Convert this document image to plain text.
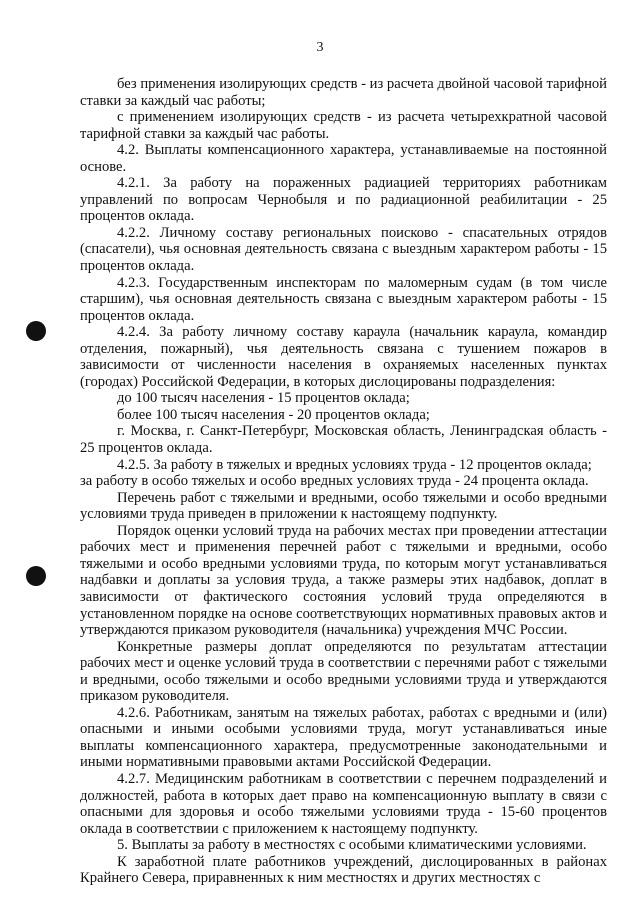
3

без применения изолирующих средств - из расчета двойной часовой тарифной ставки за каждый час работы;

с применением изолирующих средств - из расчета четырехкратной часовой тарифной ставки за каждый час работы.

4.2. Выплаты компенсационного характера, устанавливаемые на постоянной основе.

4.2.1. За работу на пораженных радиацией территориях работникам управлений по вопросам Чернобыля и по радиационной реабилитации - 25 процентов оклада.

4.2.2. Личному составу региональных поисково - спасательных отрядов (спасатели), чья основная деятельность связана с выездным характером работы - 15 процентов оклада.

4.2.3. Государственным инспекторам по маломерным судам (в том числе старшим), чья основная деятельность связана с выездным характером работы - 15 процентов оклада.

4.2.4. За работу личному составу караула (начальник караула, командир отделения, пожарный), чья деятельность связана с тушением пожаров в зависимости от численности населения в охраняемых населенных пунктах (городах) Российской Федерации, в которых дислоцированы подразделения:

до 100 тысяч населения - 15 процентов оклада;

более 100 тысяч населения - 20 процентов оклада;

г. Москва, г. Санкт-Петербург, Московская область, Ленинградская область - 25 процентов оклада.

4.2.5. За работу в тяжелых и вредных условиях труда - 12 процентов оклада;

за работу в особо тяжелых и особо вредных условиях труда - 24 процента оклада.

Перечень работ с тяжелыми и вредными, особо тяжелыми и особо вредными условиями труда приведен в приложении к настоящему подпункту.

Порядок оценки условий труда на рабочих местах при проведении аттестации рабочих мест и применения перечней работ с тяжелыми и вредными, особо тяжелыми и особо вредными условиями труда, по которым могут устанавливаться надбавки и доплаты за условия труда, а также размеры этих надбавок, доплат в зависимости от фактического состояния условий труда определяются в установленном порядке на основе соответствующих нормативных правовых актов и утверждаются приказом руководителя (начальника) учреждения МЧС России.

Конкретные размеры доплат определяются по результатам аттестации рабочих мест и оценке условий труда в соответствии с перечнями работ с тяжелыми и вредными, особо тяжелыми и особо вредными условиями труда и утверждаются приказом руководителя.

4.2.6. Работникам, занятым на тяжелых работах, работах с вредными и (или) опасными и иными особыми условиями труда, могут устанавливаться иные выплаты компенсационного характера, предусмотренные законодательными и иными нормативными правовыми актами Российской Федерации.

4.2.7. Медицинским работникам в соответствии с перечнем подразделений и должностей, работа в которых дает право на компенсационную выплату в связи с опасными для здоровья и особо тяжелыми условиями труда - 15-60 процентов оклада в соответствии с приложением к настоящему подпункту.

5. Выплаты за работу в местностях с особыми климатическими условиями.

К заработной плате работников учреждений, дислоцированных в районах Крайнего Севера, приравненных к ним местностях и других местностях с
